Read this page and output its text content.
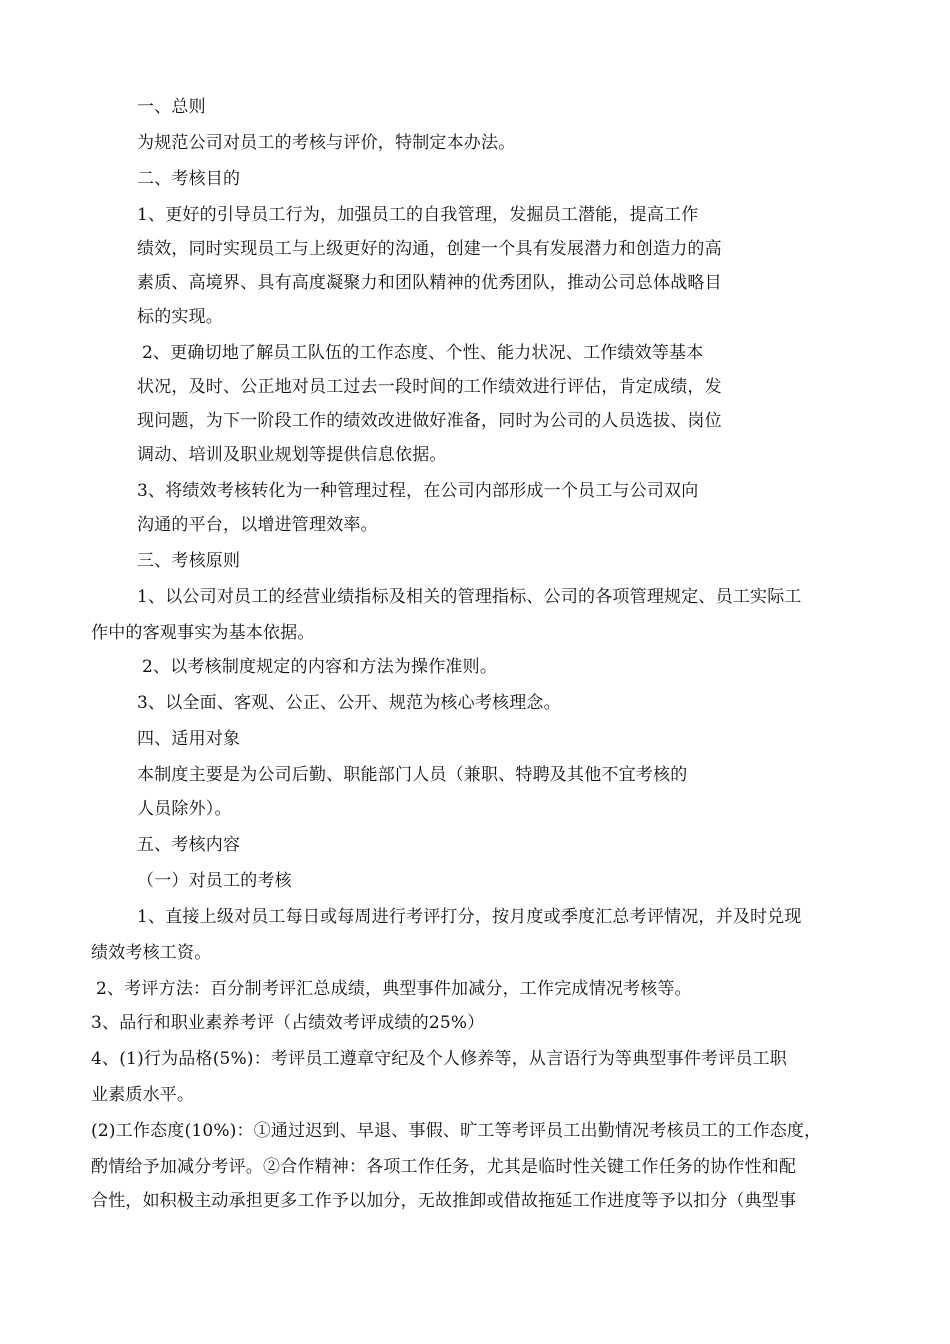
一、总则
为规范公司对员工的考核与评价，特制定本办法。
二、考核目的
1、更好的引导员工行为，加强员工的自我管理，发掘员工潜能，提高工作
绩效，同时实现员工与上级更好的沟通，创建一个具有发展潜力和创造力的高
素质、高境界、具有高度凝聚力和团队精神的优秀团队，推动公司总体战略目
标的实现。
2、更确切地了解员工队伍的工作态度、个性、能力状况、工作绩效等基本
状况，及时、公正地对员工过去一段时间的工作绩效进行评估，肯定成绩，发
现问题，为下一阶段工作的绩效改进做好准备，同时为公司的人员选拔、岗位
调动、培训及职业规划等提供信息依据。
3、将绩效考核转化为一种管理过程，在公司内部形成一个员工与公司双向
沟通的平台，以增进管理效率。
三、考核原则
1、以公司对员工的经营业绩指标及相关的管理指标、公司的各项管理规定、员工实际工
作中的客观事实为基本依据。
2、以考核制度规定的内容和方法为操作准则。
3、以全面、客观、公正、公开、规范为核心考核理念。
四、适用对象
本制度主要是为公司后勤、职能部门人员（兼职、特聘及其他不宜考核的
人员除外）。
五、考核内容
（一）对员工的考核
1、直接上级对员工每日或每周进行考评打分，按月度或季度汇总考评情况，并及时兑现
绩效考核工资。
2、考评方法：百分制考评汇总成绩，典型事件加减分，工作完成情况考核等。
3、品行和职业素养考评（占绩效考评成绩的25%）
4、(1)行为品格(5%)：考评员工遵章守纪及个人修养等，从言语行为等典型事件考评员工职
业素质水平。
(2)工作态度(10%)：①通过迟到、早退、事假、旷工等考评员工出勤情况考核员工的工作态度，
酌情给予加减分考评。②合作精神：各项工作任务，尤其是临时性关键工作任务的协作性和配
合性，如积极主动承担更多工作予以加分，无故推卸或借故拖延工作进度等予以扣分（典型事
